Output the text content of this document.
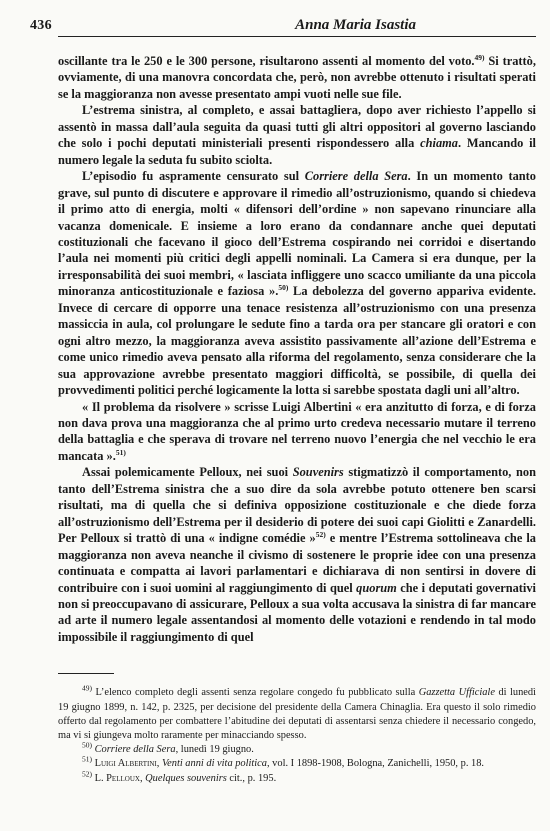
436	Anna Maria Isastia

oscillante tra le 250 e le 300 persone, risultarono assenti al momento del voto.$^{49)}$ Si trattò, ovviamente, di una manovra concordata che, però, non avrebbe ottenuto i risultati sperati se la maggioranza non avesse presentato ampi vuoti nelle sue file.

L’estrema sinistra, al completo, e assai battagliera, dopo aver richiesto l’appello si assentò in massa dall’aula seguita da quasi tutti gli altri oppositori al governo lasciando che solo i pochi deputati ministeriali presenti rispondessero alla chiama. Mancando il numero legale la seduta fu subito sciolta.

L’episodio fu aspramente censurato sul Corriere della Sera. In un momento tanto grave, sul punto di discutere e approvare il rimedio all’ostruzionismo, quando si chiedeva il primo atto di energia, molti « difensori dell’ordine » non sapevano rinunciare alla vacanza domenicale. E insieme a loro erano da condannare anche quei deputati costituzionali che facevano il gioco dell’Estrema cospirando nei corridoi e disertando l’aula nei momenti più critici degli appelli nominali. La Camera si era dunque, per la irresponsabilità dei suoi membri, « lasciata infliggere uno scacco umiliante da una piccola minoranza anticostituzionale e faziosa ».$^{50)}$ La debolezza del governo appariva evidente. Invece di cercare di opporre una tenace resistenza all’ostruzionismo con una presenza massiccia in aula, col prolungare le sedute fino a tarda ora per stancare gli oratori e con ogni altro mezzo, la maggioranza aveva assistito passivamente all’azione dell’Estrema e come unico rimedio aveva pensato alla riforma del regolamento, senza considerare che la sua approvazione avrebbe presentato maggiori difficoltà, se possibile, di quella dei provvedimenti politici perché logicamente la lotta si sarebbe spostata dagli uni all’altro.

« Il problema da risolvere » scrisse Luigi Albertini « era anzitutto di forza, e di forza non dava prova una maggioranza che al primo urto credeva necessario mutare il terreno della battaglia e che sperava di trovare nel terreno nuovo l’energia che nel vecchio le era mancata ».$^{51)}$

Assai polemicamente Pelloux, nei suoi Souvenirs stigmatizzò il comportamento, non tanto dell’Estrema sinistra che a suo dire da sola avrebbe potuto ottenere ben scarsi risultati, ma di quella che si definiva opposizione costituzionale e che diede forza all’ostruzionismo dell’Estrema per il desiderio di potere dei suoi capi Giolitti e Zanardelli. Per Pelloux si trattò di una « indigne comédie »$^{52)}$ e mentre l’Estrema sottolineava che la maggioranza non aveva neanche il civismo di sostenere le proprie idee con una presenza continuata e compatta ai lavori parlamentari e dichiarava di non sentirsi in dovere di contribuire con i suoi uomini al raggiungimento di quel quorum che i deputati governativi non si preoccupavano di assicurare, Pelloux a sua volta accusava la sinistra di far mancare ad arte il numero legale assentandosi al momento delle votazioni e rendendo in tal modo impossibile il raggiungimento di quel

$^{49)}$ L’elenco completo degli assenti senza regolare congedo fu pubblicato sulla Gazzetta Ufficiale di lunedì 19 giugno 1899, n. 142, p. 2325, per decisione del presidente della Camera Chinaglia. Era questo il solo rimedio offerto dal regolamento per combattere l’abitudine dei deputati di assentarsi senza chiedere il necessario congedo, ma vi si giungeva molto raramente per minacciando spesso.

$^{50)}$ Corriere della Sera, lunedì 19 giugno.

$^{51)}$ Luigi Albertini, Venti anni di vita politica, vol. I 1898-1908, Bologna, Zanichelli, 1950, p. 18.

$^{52)}$ L. Pelloux, Quelques souvenirs cit., p. 195.
